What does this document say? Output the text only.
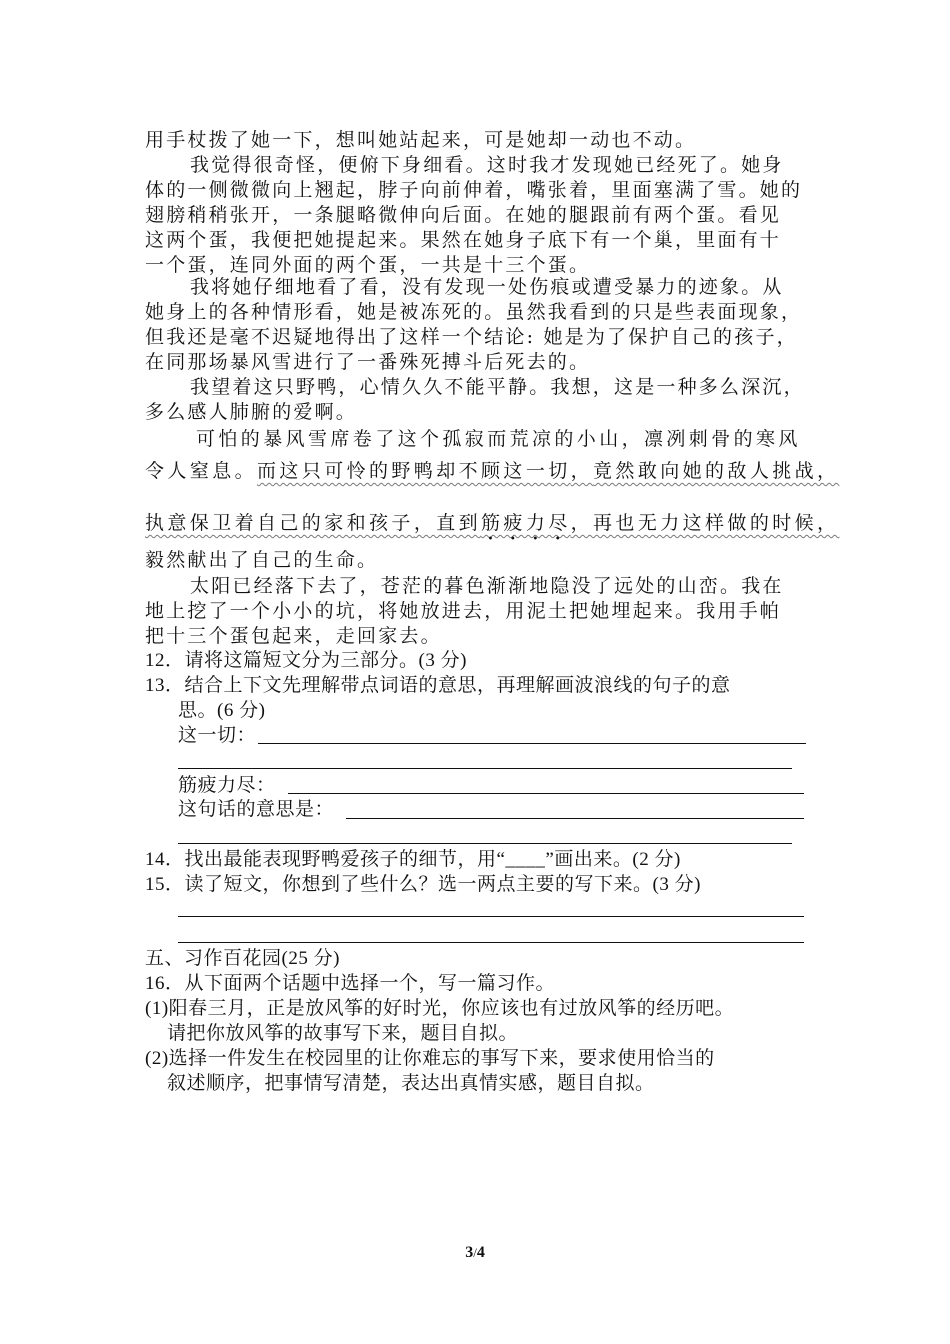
用手杖拨了她一下，想叫她站起来，可是她却一动也不动。
我觉得很奇怪，便俯下身细看。这时我才发现她已经死了。她身
体的一侧微微向上翘起，脖子向前伸着，嘴张着，里面塞满了雪。她的
翅膀稍稍张开，一条腿略微伸向后面。在她的腿跟前有两个蛋。看见
这两个蛋，我便把她提起来。果然在她身子底下有一个巢，里面有十
一个蛋，连同外面的两个蛋，一共是十三个蛋。
我将她仔细地看了看，没有发现一处伤痕或遭受暴力的迹象。从
她身上的各种情形看，她是被冻死的。虽然我看到的只是些表面现象，
但我还是毫不迟疑地得出了这样一个结论: 她是为了保护自己的孩子，
在同那场暴风雪进行了一番殊死搏斗后死去的。
我望着这只野鸭，心情久久不能平静。我想，这是一种多么深沉，
多么感人肺腑的爱啊。
可怕的暴风雪席卷了这个孤寂而荒凉的小山，凛冽刺骨的寒风
令人窒息。而这只可怜的野鸭却不顾这一切，竟然敢向她的敌人挑战，
执意保卫着自己的家和孩子，直到筋疲力尽，再也无力这样做的时候，
毅然献出了自己的生命。
太阳已经落下去了，苍茫的暮色渐渐地隐没了远处的山峦。我在
地上挖了一个小小的坑，将她放进去，用泥土把她埋起来。我用手帕
把十三个蛋包起来，走回家去。
12．请将这篇短文分为三部分。(3 分)
13．结合上下文先理解带点词语的意思，再理解画波浪线的句子的意
思。(6 分)
这一切：
筋疲力尽：
这句话的意思是：
14．找出最能表现野鸭爱孩子的细节，用“____”画出来。(2 分)
15．读了短文，你想到了些什么？选一两点主要的写下来。(3 分)
五、习作百花园(25 分)
16．从下面两个话题中选择一个，写一篇习作。
(1)阳春三月，正是放风筝的好时光，你应该也有过放风筝的经历吧。
请把你放风筝的故事写下来，题目自拟。
(2)选择一件发生在校园里的让你难忘的事写下来，要求使用恰当的
叙述顺序，把事情写清楚，表达出真情实感，题目自拟。
3/4
